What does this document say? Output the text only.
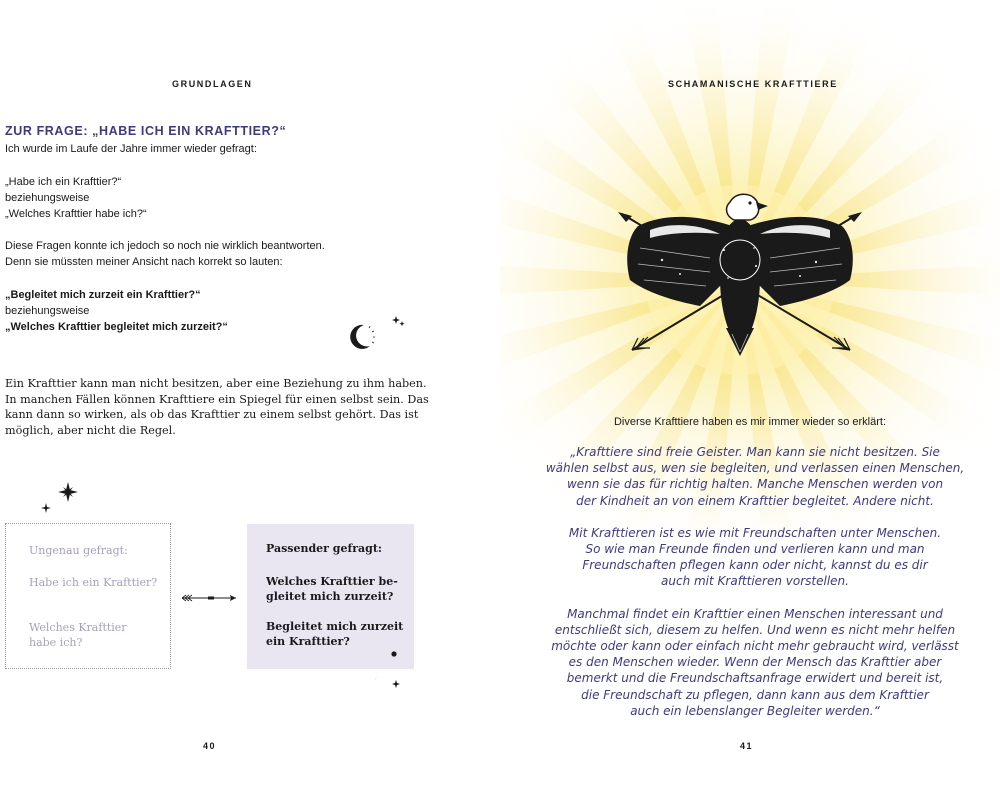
GRUNDLAGEN
ZUR FRAGE: „HABE ICH EIN KRAFTTIER?“
Ich wurde im Laufe der Jahre immer wieder gefragt:
„Habe ich ein Krafttier?“
beziehungsweise
„Welches Krafttier habe ich?“
Diese Fragen konnte ich jedoch so noch nie wirklich beantworten.
Denn sie müssten meiner Ansicht nach korrekt so lauten:
„Begleitet mich zurzeit ein Krafttier?“
beziehungsweise
„Welches Krafttier begleitet mich zurzeit?“
Ein Krafttier kann man nicht besitzen, aber eine Beziehung zu ihm haben.
In manchen Fällen können Krafttiere ein Spiegel für einen selbst sein. Das
kann dann so wirken, als ob das Krafttier zu einem selbst gehört. Das ist
möglich, aber nicht die Regel.
Ungenau gefragt:
Habe ich ein Krafttier?
Welches Krafttier
habe ich?
Passender gefragt:
Welches Krafttier be-
gleitet mich zurzeit?
Begleitet mich zurzeit
ein Krafttier?
40
SCHAMANISCHE KRAFTTIERE
Diverse Krafttiere haben es mir immer wieder so erklärt:
„Krafttiere sind freie Geister. Man kann sie nicht besitzen. Sie
wählen selbst aus, wen sie begleiten, und verlassen einen Menschen,
wenn sie das für richtig halten. Manche Menschen werden von
der Kindheit an von einem Krafttier begleitet. Andere nicht.
Mit Krafttieren ist es wie mit Freundschaften unter Menschen.
So wie man Freunde finden und verlieren kann und man
Freundschaften pflegen kann oder nicht, kannst du es dir
auch mit Krafttieren vorstellen.
Manchmal findet ein Krafttier einen Menschen interessant und
entschließt sich, diesem zu helfen. Und wenn es nicht mehr helfen
möchte oder kann oder einfach nicht mehr gebraucht wird, verlässt
es den Menschen wieder. Wenn der Mensch das Krafttier aber
bemerkt und die Freundschaftsanfrage erwidert und bereit ist,
die Freundschaft zu pflegen, dann kann aus dem Krafttier
auch ein lebenslanger Begleiter werden.“
41
